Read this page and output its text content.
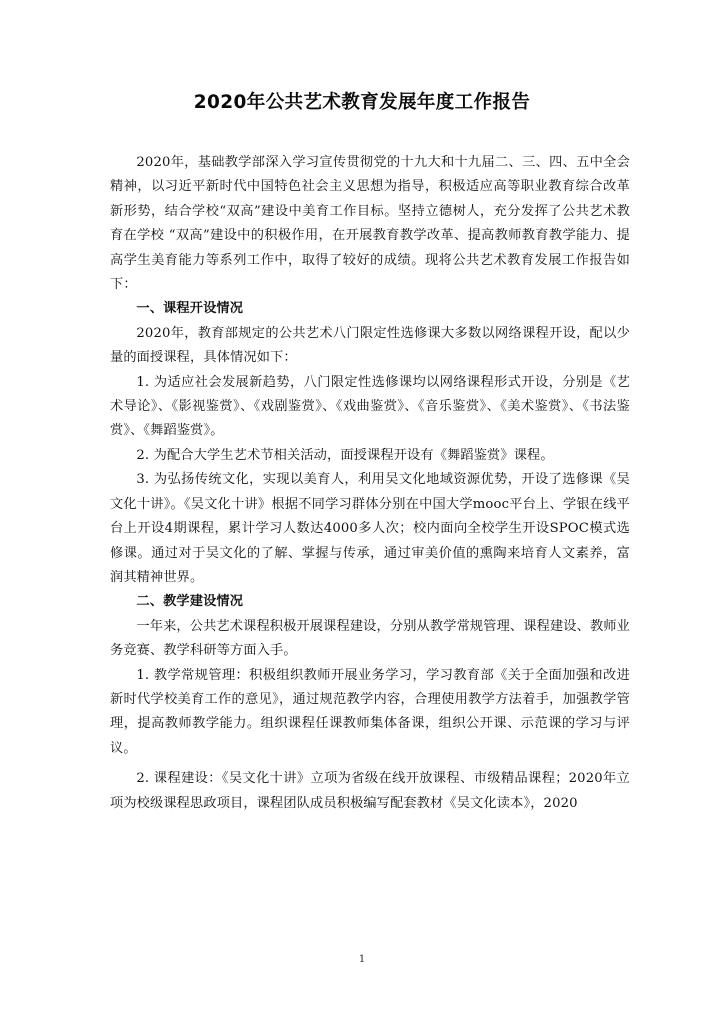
2020年公共艺术教育发展年度工作报告

2020年，基础教学部深入学习宣传贯彻党的十九大和十九届二、三、四、五中全会精神，以习近平新时代中国特色社会主义思想为指导，积极适应高等职业教育综合改革新形势，结合学校“双高”建设中美育工作目标。坚持立德树人，充分发挥了公共艺术教育在学校 “双高”建设中的积极作用，在开展教育教学改革、提高教师教育教学能力、提高学生美育能力等系列工作中，取得了较好的成绩。现将公共艺术教育发展工作报告如下：

一、课程开设情况

2020年，教育部规定的公共艺术八门限定性选修课大多数以网络课程开设，配以少量的面授课程，具体情况如下：

1. 为适应社会发展新趋势，八门限定性选修课均以网络课程形式开设，分别是《艺术导论》、《影视鉴赏》、《戏剧鉴赏》、《戏曲鉴赏》、《音乐鉴赏》、《美术鉴赏》、《书法鉴赏》、《舞蹈鉴赏》。

2. 为配合大学生艺术节相关活动，面授课程开设有《舞蹈鉴赏》课程。

3. 为弘扬传统文化，实现以美育人，利用吴文化地域资源优势，开设了选修课《吴文化十讲》。《吴文化十讲》根据不同学习群体分别在中国大学mooc平台上、学银在线平台上开设4期课程，累计学习人数达4000多人次；校内面向全校学生开设SPOC模式选修课。通过对于吴文化的了解、掌握与传承，通过审美价值的熏陶来培育人文素养，富润其精神世界。

二、教学建设情况

一年来，公共艺术课程积极开展课程建设，分别从教学常规管理、课程建设、教师业务竞赛、教学科研等方面入手。

1. 教学常规管理：积极组织教师开展业务学习，学习教育部《关于全面加强和改进新时代学校美育工作的意见》，通过规范教学内容，合理使用教学方法着手，加强教学管理，提高教师教学能力。组织课程任课教师集体备课，组织公开课、示范课的学习与评议。

2. 课程建设：《吴文化十讲》立项为省级在线开放课程、市级精品课程；2020年立项为校级课程思政项目，课程团队成员积极编写配套教材《吴文化读本》，2020

1
